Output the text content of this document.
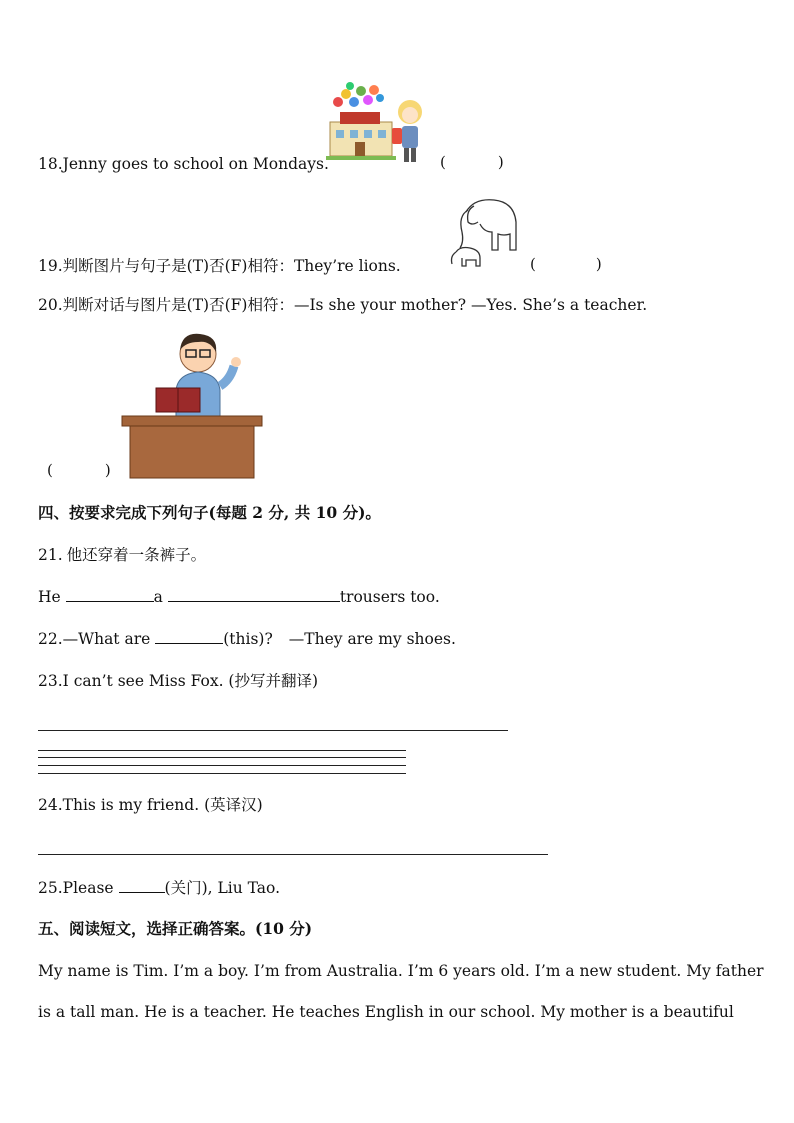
18.Jenny goes to school on Mondays.	(	)
19.判断图片与句子是(T)否(F)相符：They’re lions.	(	)
20.判断对话与图片是(T)否(F)相符：—Is she your mother? —Yes. She’s a teacher.
(	)
四、按要求完成下列句子(每题 2 分, 共 10 分)。
21. 他还穿着一条裤子。
He	a	trousers too.
22.—What are	(this)? —They are my shoes.
23.I can’t see Miss Fox. (抄写并翻译)
24.This is my friend. (英译汉)
25.Please	(关门), Liu Tao.
五、阅读短文，选择正确答案。(10 分)
My name is Tim. I’m a boy. I’m from Australia. I’m 6 years old. I’m a new student. My father
is a tall man. He is a teacher. He teaches English in our school. My mother is a beautiful
